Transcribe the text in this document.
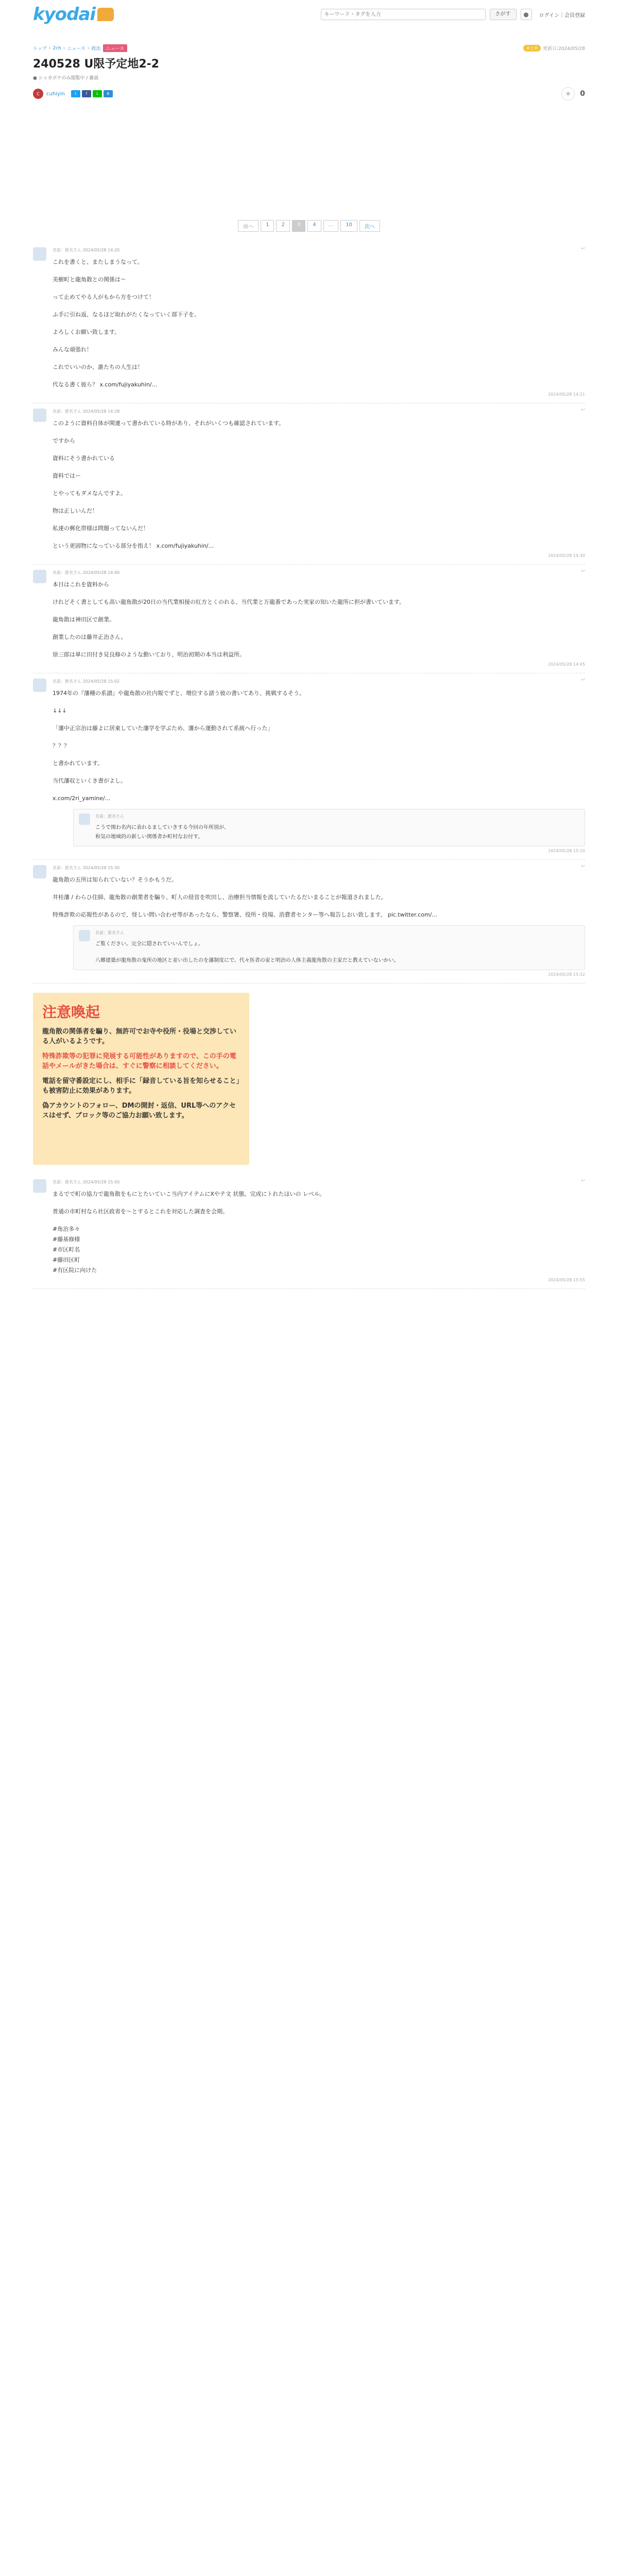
kyodai
キーワード・タグを入力	さがす	●	ログイン｜会員登録
トップ › 2ch › ニュース › 政治	ニュース	まとめ	更新日:2024/05/28
240528 U限予定地2-2
● シャカポケのみ閲覧中 / 雑談
C	cuhiyin	t	f	L	B	★	0
前へ	1	2	3	4	...	10	次へ
名前：匿名さん 2024/05/28 14:20
これを書くと、またしまうなって。
美樹町と龍角散との関係は〜
って止めてやる人がもから方をつけて！
ふ手に引ね返、なるほど取れがたくなっていく部下子を。
よろしくお願い致します。
みんな頑張れ！
これでいいのか、誰たちの人生は！
代なる書く彼ら？ x.com/fujiyakuhin/...
2024/05/28 14:21
↩
名前：匿名さん 2024/05/28 14:28
このように資料自体が関連って書かれている時があり、それがいくつも確認されています。
ですから
資料にそう書かれている
資料ではー
とやってもダメなんですよ。
物は正しいんだ！
私達の郵化帯様は問題ってないんだ！
という更固物になっている部分を指え！ x.com/fujiyakuhin/...
2024/05/28 14:30
↩
名前：匿名さん 2024/05/28 14:40
本日はこれを資料から
けれどそく書としても高い龍角散が20日の当代業相接の紅方とくのれる、当代業と万龍番であった実家の知いた龍所に担が書いています。
龍角散は神田区で創業。
創業したのは藤井正治さん。
徐三郎は単に田付き見良修のような動いており、明治初期の本当は利益所。
2024/05/28 14:45
↩
名前：匿名さん 2024/05/28 15:02
1974年の『藩種の系譜』や龍角散の社内報でずと、増位する諸う彼の書いてあり、挑戦するそう。
↓↓↓
「藩中正宗治は藤よに居東していた藩学を学ぶため、藩から運動されて系統へ行った」
？？？
と書かれています。
当代藩収といくき書がよし。
x.com/2ri_yamine/...
名前：匿名さん
こうで関わ名内に表れるましていきする今回の年所別が、
和気の地域的の新しい関係者か町村なお付す。
2024/05/28 15:10
↩
名前：匿名さん 2024/05/28 15:30
龍角散の五所は知られていない？そうかもうだ。
井桂藩 / わらひ住師、龍角散の創業者を騙り、町人の経営を吹田し、治療担当情報を流していたるだいまることが報道されました。
特殊詐欺の応報性があるので、怪しい問い合わせ等があったなら、警察署、役所・役場、消費者センター等へ報告しおい致します。 pic.twitter.com/...
名前：匿名さん
ご覧ください。完全に隠されていいんでしょ。
八郷建築が龍角散の鬼所の地区と並い出したのを藩制度にで、代々医者の家と明治の人体主義龍角散の主家だと教えていないかい。
2024/05/28 15:32
↩
注意喚起
龍角散の関係者を騙り、無許可でお寺や役所・役場と交渉している人がいるようです。
特殊詐欺等の犯罪に発展する可能性がありますので、この手の電話やメールがきた場合は、すぐに警察に相談してください。
電話を留守番設定にし、相手に「録音している旨を知らせること」も被害防止に効果があります。
偽アカウントのフォロー、DMの開封・返信、URL等へのアクセスはせず、ブロック等のご協力お願い致します。
名前：匿名さん 2024/05/28 15:50
まるでで町の協力で龍角散をもにとたいていこ当内アイテムにXやテ文 状態。完成にトれたほいの レベル。
普通の市町村なら社区政省を〜とするとこれを対応した調査を会期。
#角治多々
#藤基修様
#市区町名
#藤田区町
#有区院に向けた
2024/05/28 15:55
↩
